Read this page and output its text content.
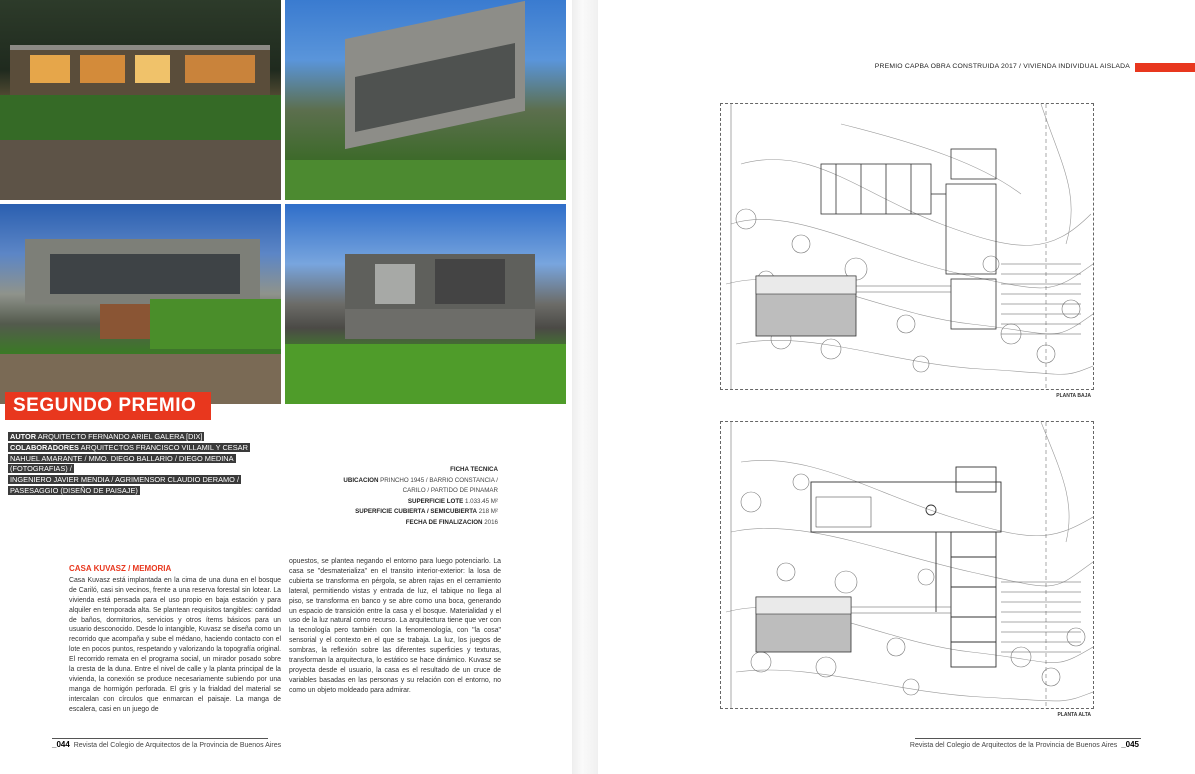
SEGUNDO PREMIO
AUTOR ARQUITECTO FERNANDO ARIEL GALERA [DIX]
COLABORADORES ARQUITECTOS FRANCISCO VILLAMIL Y CESAR
NAHUEL AMARANTE / MMO. DIEGO BALLARIO / DIEGO MEDINA (FOTOGRAFIAS) /
INGENIERO JAVIER MENDIA / AGRIMENSOR CLAUDIO DERAMO /
PASESAGGIO (DISEÑO DE PAISAJE)
FICHA TECNICA
UBICACION PRINCHO 1945 / BARRIO CONSTANCIA /
CARILO / PARTIDO DE PINAMAR
SUPERFICIE LOTE 1.033.45 M²
SUPERFICIE CUBIERTA / SEMICUBIERTA 218 M²
FECHA DE FINALIZACION 2016
CASA KUVASZ / MEMORIA

Casa Kuvasz está implantada en la cima de una duna en el bosque de Cariló, casi sin vecinos, frente a una reserva forestal sin lotear. La vivienda está pensada para el uso propio en baja estación y para alquiler en temporada alta. Se plantean requisitos tangibles: cantidad de baños, dormitorios, servicios y otros ítems básicos para un usuario desconocido. Desde lo intangible, Kuvasz se diseña como un recorrido que acompaña y sube el médano, haciendo contacto con el lote en pocos puntos, respetando y valorizando la topografía original. El recorrido remata en el programa social, un mirador posado sobre la cresta de la duna. Entre el nivel de calle y la planta principal de la vivienda, la conexión se produce necesariamente subiendo por una manga de hormigón perforada. El gris y la frialdad del material se intercalan con círculos que enmarcan el paisaje. La manga de escalera, casi en un juego de

opuestos, se plantea negando el entorno para luego potenciarlo. La casa se "desmaterializa" en el transito interior-exterior: la losa de cubierta se transforma en pérgola, se abren rajas en el cerramiento lateral, permitiendo vistas y entrada de luz, el tabique no llega al piso, se transforma en banco y se abre como una boca, generando un espacio de transición entre la casa y el bosque. Materialidad y el uso de la luz natural como recurso. La arquitectura tiene que ver con la tecnología pero también con la fenomenología, con "la cosa" sensorial y el contexto en el que se trabaja. La luz, los juegos de sombras, la reflexión sobre las diferentes superficies y texturas, transforman la arquitectura, lo estático se hace dinámico. Kuvasz se proyecta desde el usuario, la casa es el resultado de un cruce de variables basadas en las personas y su relación con el entorno, no como un objeto moldeado para admirar.

_044 Revista del Colegio de Arquitectos de la Provincia de Buenos Aires
PREMIO CAPBA OBRA CONSTRUIDA 2017 / VIVIENDA INDIVIDUAL AISLADA
PLANTA BAJA
PLANTA ALTA
Revista del Colegio de Arquitectos de la Provincia de Buenos Aires _045
